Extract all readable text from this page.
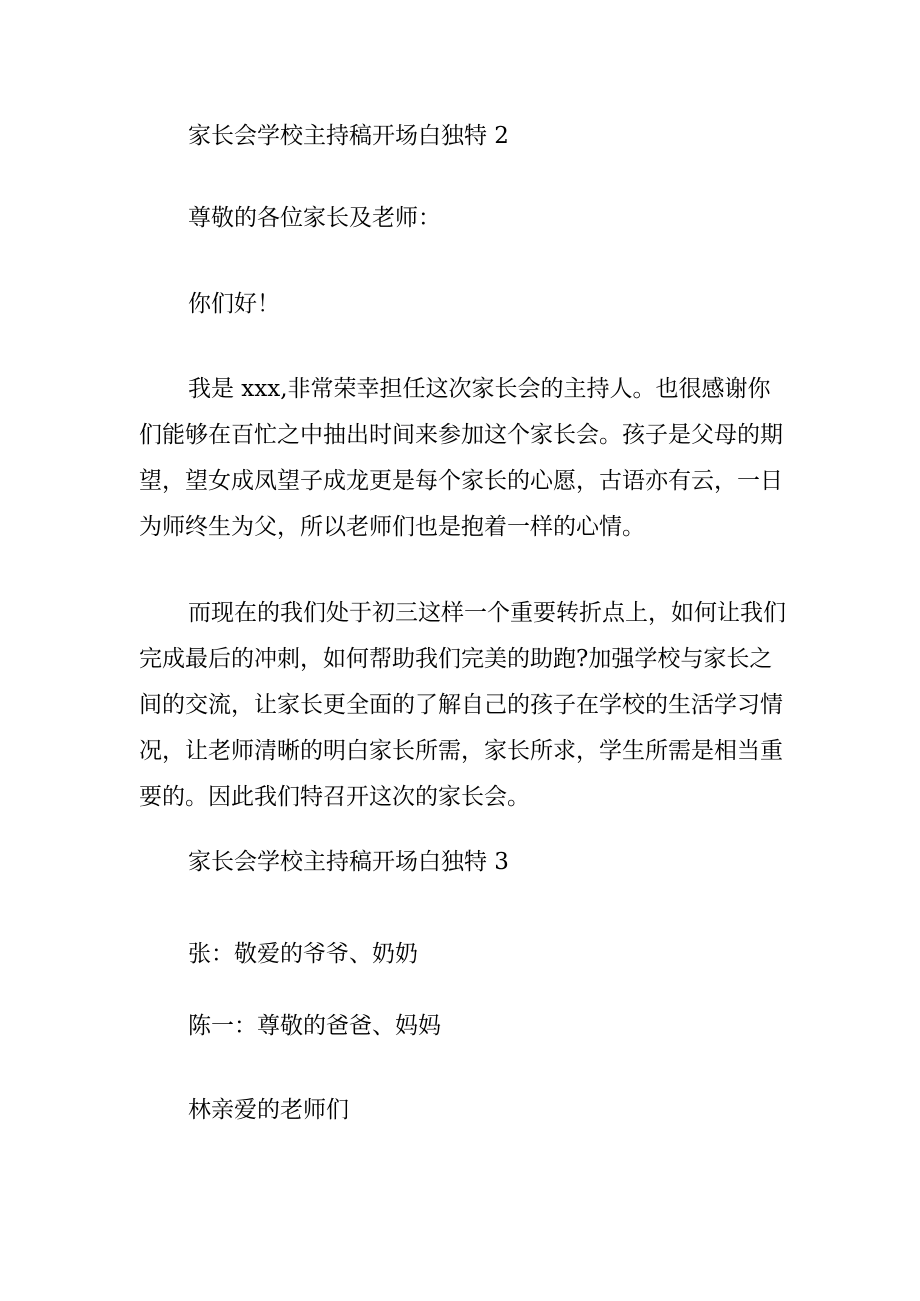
家长会学校主持稿开场白独特 2
尊敬的各位家长及老师：
你们好！
我是 xxx,非常荣幸担任这次家长会的主持人。也很感谢你
们能够在百忙之中抽出时间来参加这个家长会。孩子是父母的期
望，望女成凤望子成龙更是每个家长的心愿，古语亦有云，一日
为师终生为父，所以老师们也是抱着一样的心情。
而现在的我们处于初三这样一个重要转折点上，如何让我们
完成最后的冲刺，如何帮助我们完美的助跑?加强学校与家长之
间的交流，让家长更全面的了解自己的孩子在学校的生活学习情
况，让老师清晰的明白家长所需，家长所求，学生所需是相当重
要的。因此我们特召开这次的家长会。
家长会学校主持稿开场白独特 3
张：敬爱的爷爷、奶奶
陈一：尊敬的爸爸、妈妈
林亲爱的老师们
